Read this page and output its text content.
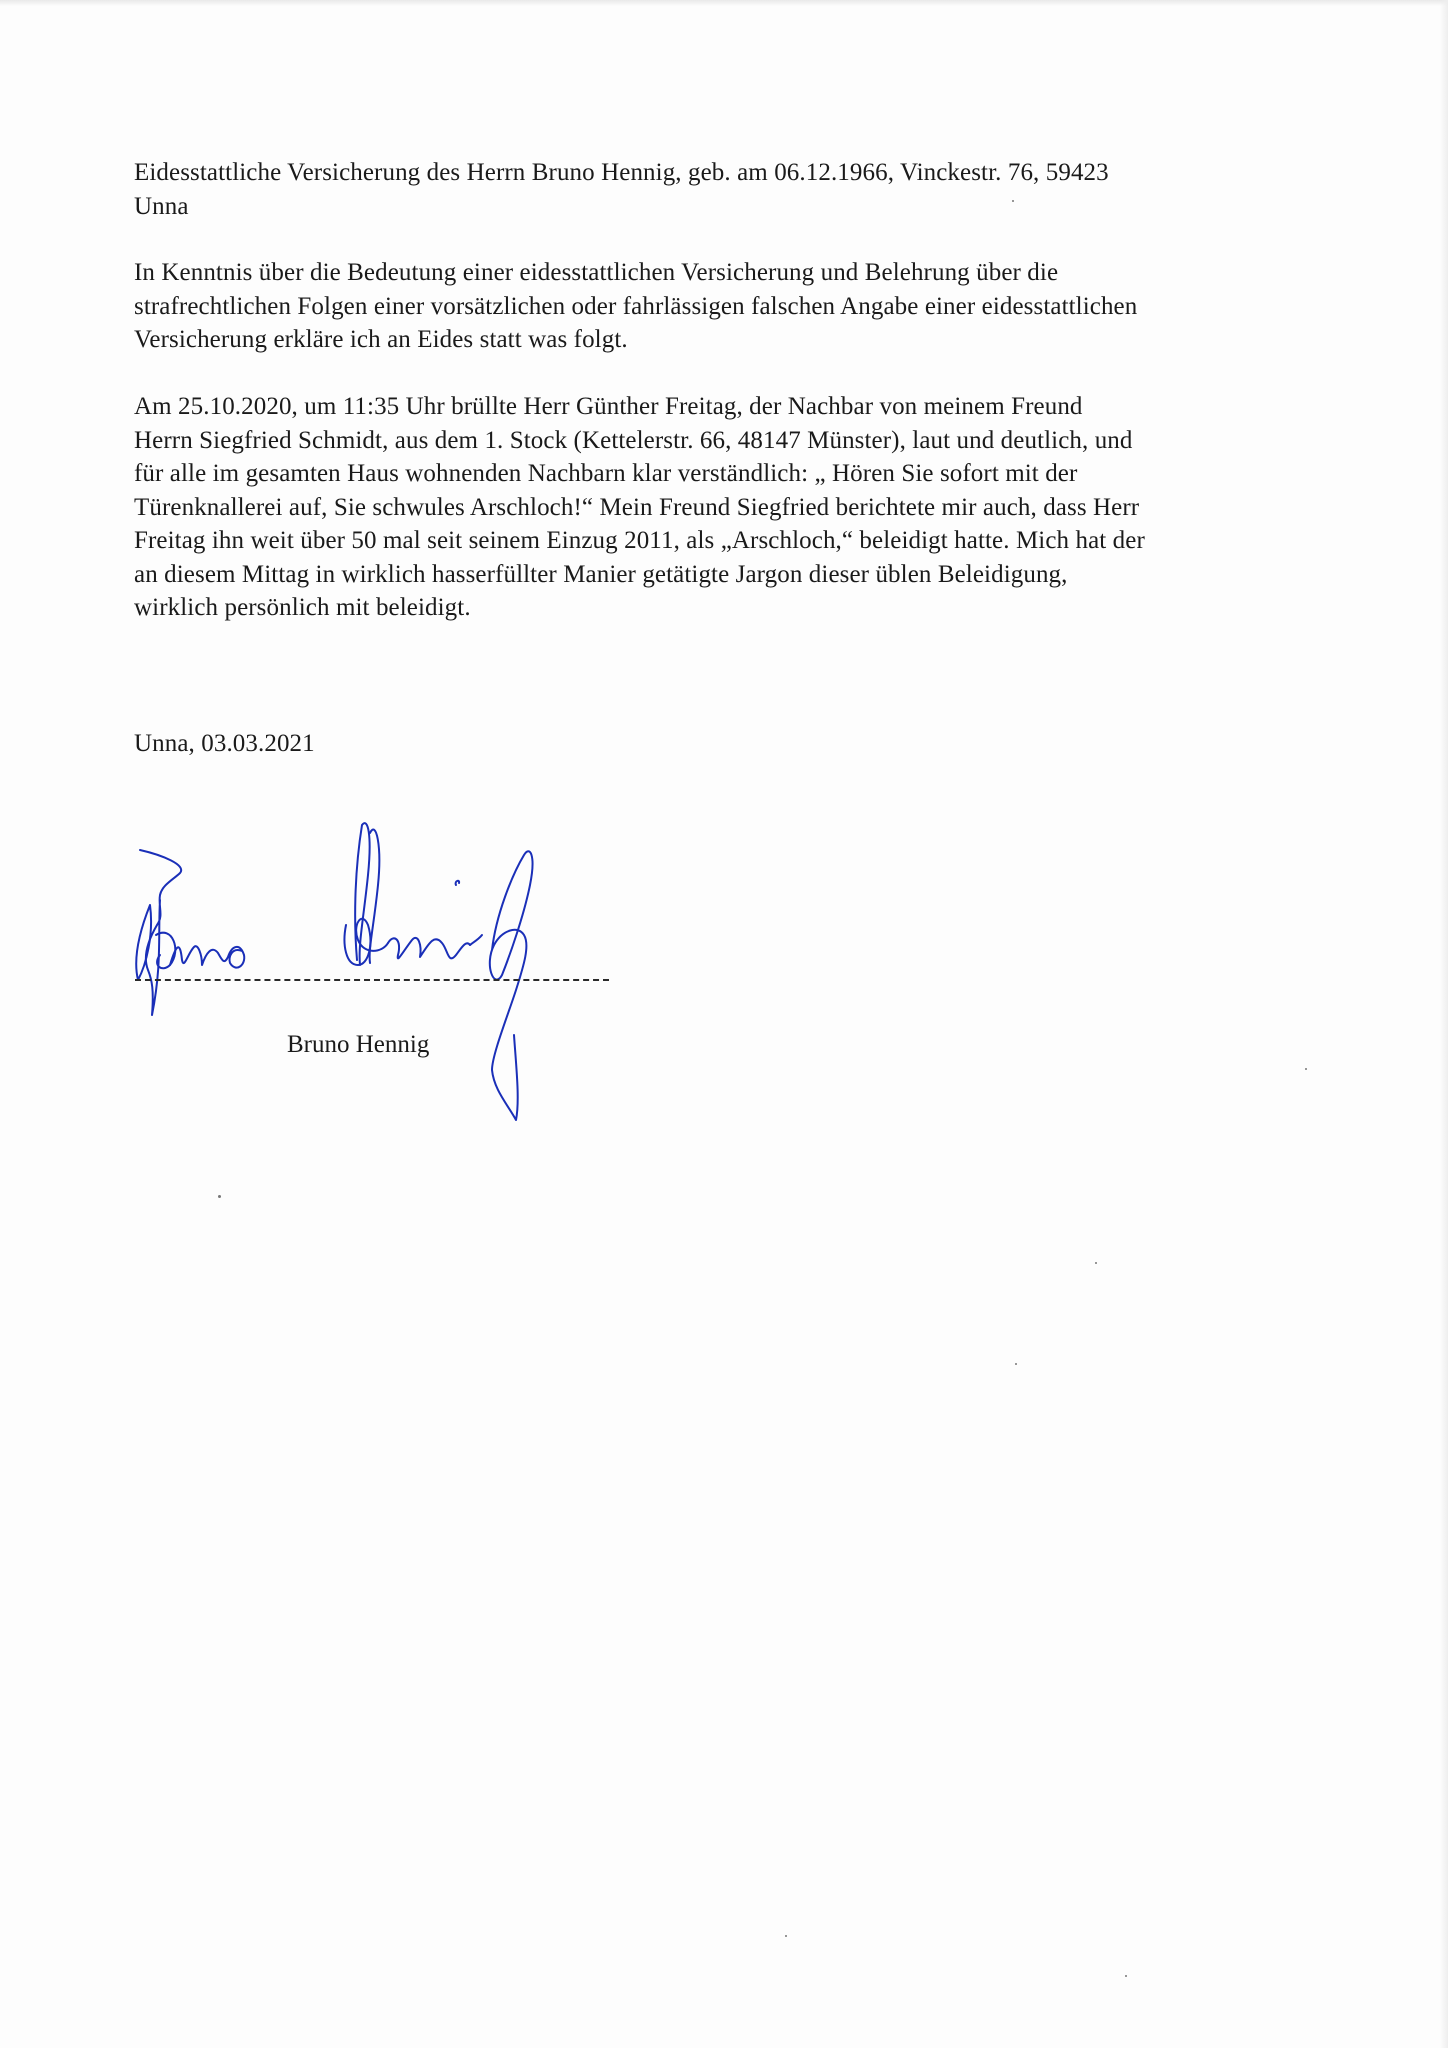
Eidesstattliche Versicherung des Herrn Bruno Hennig, geb. am 06.12.1966, Vinckestr. 76, 59423

Unna

In Kenntnis über die Bedeutung einer eidesstattlichen Versicherung und Belehrung über die

strafrechtlichen Folgen einer vorsätzlichen oder fahrlässigen falschen Angabe einer eidesstattlichen

Versicherung erkläre ich an Eides statt was folgt.

Am 25.10.2020, um 11:35 Uhr brüllte Herr Günther Freitag, der Nachbar von meinem Freund

Herrn Siegfried Schmidt, aus dem 1. Stock (Kettelerstr. 66, 48147 Münster), laut und deutlich, und

für alle im gesamten Haus wohnenden Nachbarn klar verständlich: „ Hören Sie sofort mit der

Türenknallerei auf, Sie schwules Arschloch!“ Mein Freund Siegfried berichtete mir auch, dass Herr

Freitag ihn weit über 50 mal seit seinem Einzug 2011, als „Arschloch,“ beleidigt hatte. Mich hat der

an diesem Mittag in wirklich hasserfüllter Manier getätigte Jargon dieser üblen Beleidigung,

wirklich persönlich mit beleidigt.

Unna, 03.03.2021

Bruno Hennig
